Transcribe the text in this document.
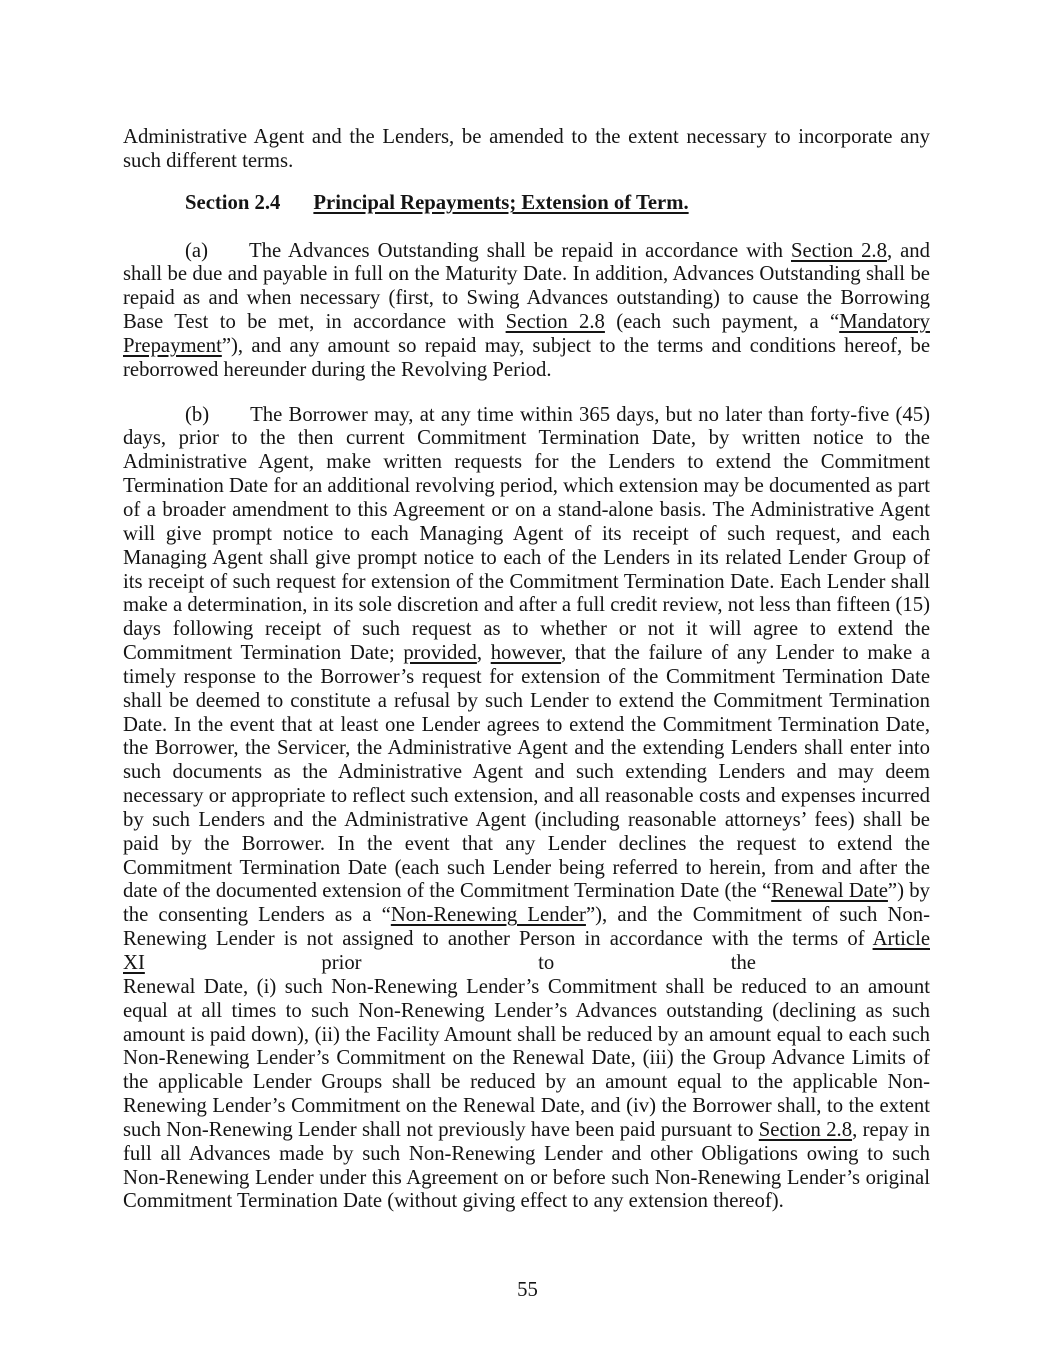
Administrative Agent and the Lenders, be amended to the extent necessary to incorporate any such different terms.

Section 2.4 Principal Repayments; Extension of Term.

(a) The Advances Outstanding shall be repaid in accordance with Section 2.8, and shall be due and payable in full on the Maturity Date. In addition, Advances Outstanding shall be repaid as and when necessary (first, to Swing Advances outstanding) to cause the Borrowing Base Test to be met, in accordance with Section 2.8 (each such payment, a “Mandatory Prepayment”), and any amount so repaid may, subject to the terms and conditions hereof, be reborrowed hereunder during the Revolving Period.

(b) The Borrower may, at any time within 365 days, but no later than forty-five (45) days, prior to the then current Commitment Termination Date, by written notice to the Administrative Agent, make written requests for the Lenders to extend the Commitment Termination Date for an additional revolving period, which extension may be documented as part of a broader amendment to this Agreement or on a stand-alone basis. The Administrative Agent will give prompt notice to each Managing Agent of its receipt of such request, and each Managing Agent shall give prompt notice to each of the Lenders in its related Lender Group of its receipt of such request for extension of the Commitment Termination Date. Each Lender shall make a determination, in its sole discretion and after a full credit review, not less than fifteen (15) days following receipt of such request as to whether or not it will agree to extend the Commitment Termination Date; provided, however, that the failure of any Lender to make a timely response to the Borrower’s request for extension of the Commitment Termination Date shall be deemed to constitute a refusal by such Lender to extend the Commitment Termination Date. In the event that at least one Lender agrees to extend the Commitment Termination Date, the Borrower, the Servicer, the Administrative Agent and the extending Lenders shall enter into such documents as the Administrative Agent and such extending Lenders and may deem necessary or appropriate to reflect such extension, and all reasonable costs and expenses incurred by such Lenders and the Administrative Agent (including reasonable attorneys’ fees) shall be paid by the Borrower. In the event that any Lender declines the request to extend the Commitment Termination Date (each such Lender being referred to herein, from and after the date of the documented extension of the Commitment Termination Date (the “Renewal Date”) by the consenting Lenders as a “Non-Renewing Lender”), and the Commitment of such Non-Renewing Lender is not assigned to another Person in accordance with the terms of Article

XI	prior	to	the

Renewal Date, (i) such Non-Renewing Lender’s Commitment shall be reduced to an amount equal at all times to such Non-Renewing Lender’s Advances outstanding (declining as such amount is paid down), (ii) the Facility Amount shall be reduced by an amount equal to each such Non-Renewing Lender’s Commitment on the Renewal Date, (iii) the Group Advance Limits of the applicable Lender Groups shall be reduced by an amount equal to the applicable Non-Renewing Lender’s Commitment on the Renewal Date, and (iv) the Borrower shall, to the extent such Non-Renewing Lender shall not previously have been paid pursuant to Section 2.8, repay in full all Advances made by such Non-Renewing Lender and other Obligations owing to such Non-Renewing Lender under this Agreement on or before such Non-Renewing Lender’s original Commitment Termination Date (without giving effect to any extension thereof).

55
